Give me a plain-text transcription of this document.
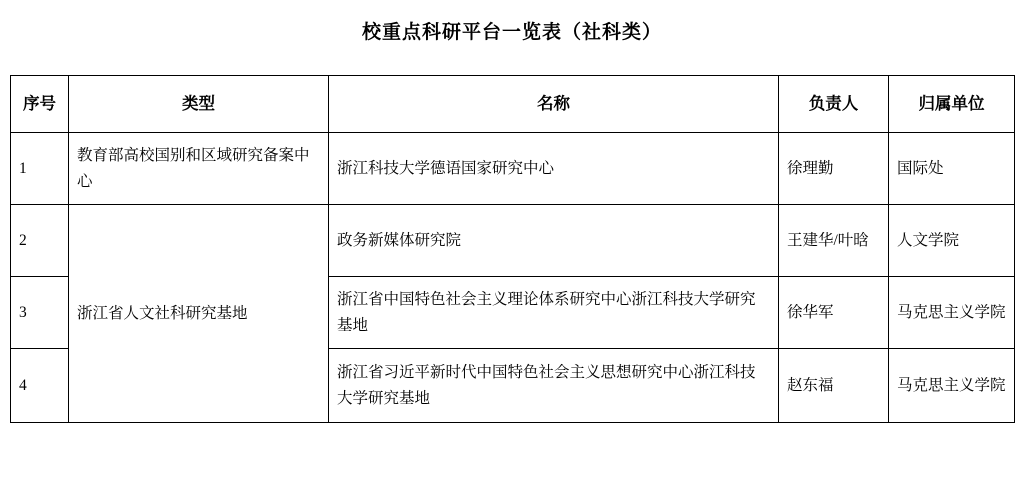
校重点科研平台一览表（社科类）
序号	类型	名称	负责人	归属单位
1	教育部高校国别和区域研究备案中心	浙江科技大学德语国家研究中心	徐理勤	国际处
2	浙江省人文社科研究基地	政务新媒体研究院	王建华/叶晗	人文学院
3		浙江省中国特色社会主义理论体系研究中心浙江科技大学研究基地	徐华军	马克思主义学院
4		浙江省习近平新时代中国特色社会主义思想研究中心浙江科技大学研究基地	赵东福	马克思主义学院
